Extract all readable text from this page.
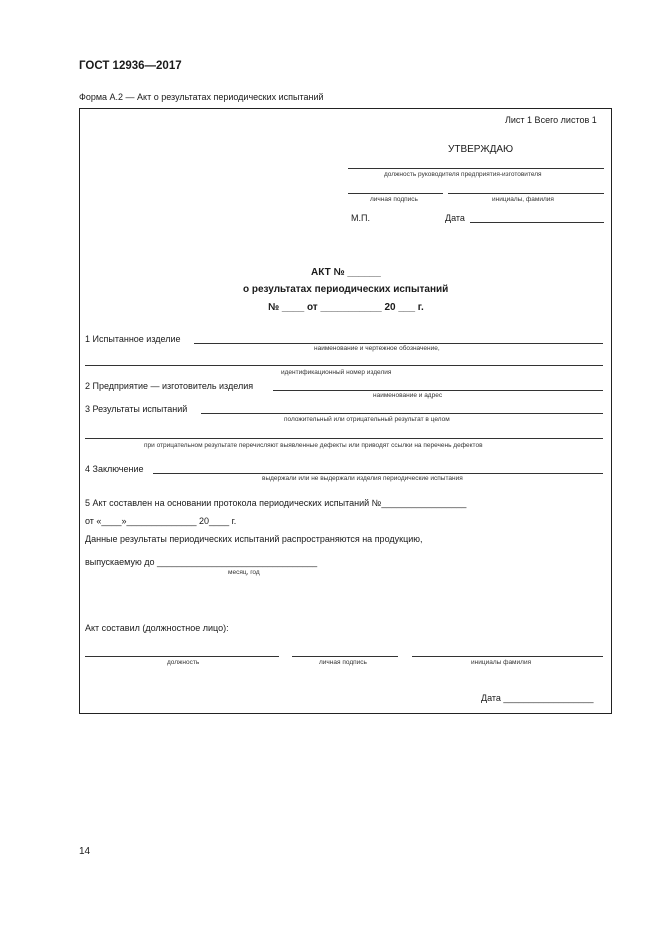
ГОСТ 12936—2017
Форма А.2 — Акт о результатах периодических испытаний
Лист 1 Всего листов 1
УТВЕРЖДАЮ
должность руководителя предприятия-изготовителя
личная подпись	инициалы, фамилия
М.П.	Дата
АКТ № ______
о результатах периодических испытаний
№ ____ от ___________ 20 ___ г.
1 Испытанное изделие
наименование и чертежное обозначение,
идентификационный номер изделия
2 Предприятие — изготовитель изделия
наименование и адрес
3 Результаты испытаний
положительный или отрицательный результат в целом
при отрицательном результате перечисляют выявленные дефекты или приводят ссылки на перечень дефектов
4 Заключение
выдержали или не выдержали изделия периодические испытания
5 Акт составлен на основании протокола периодических испытаний №_________________
от «____»______________ 20____ г.
Данные результаты периодических испытаний распространяются на продукцию,
выпускаемую до ________________________________
месяц, год
Акт составил (должностное лицо):
должность	личная подпись	инициалы фамилия
Дата __________________
14
